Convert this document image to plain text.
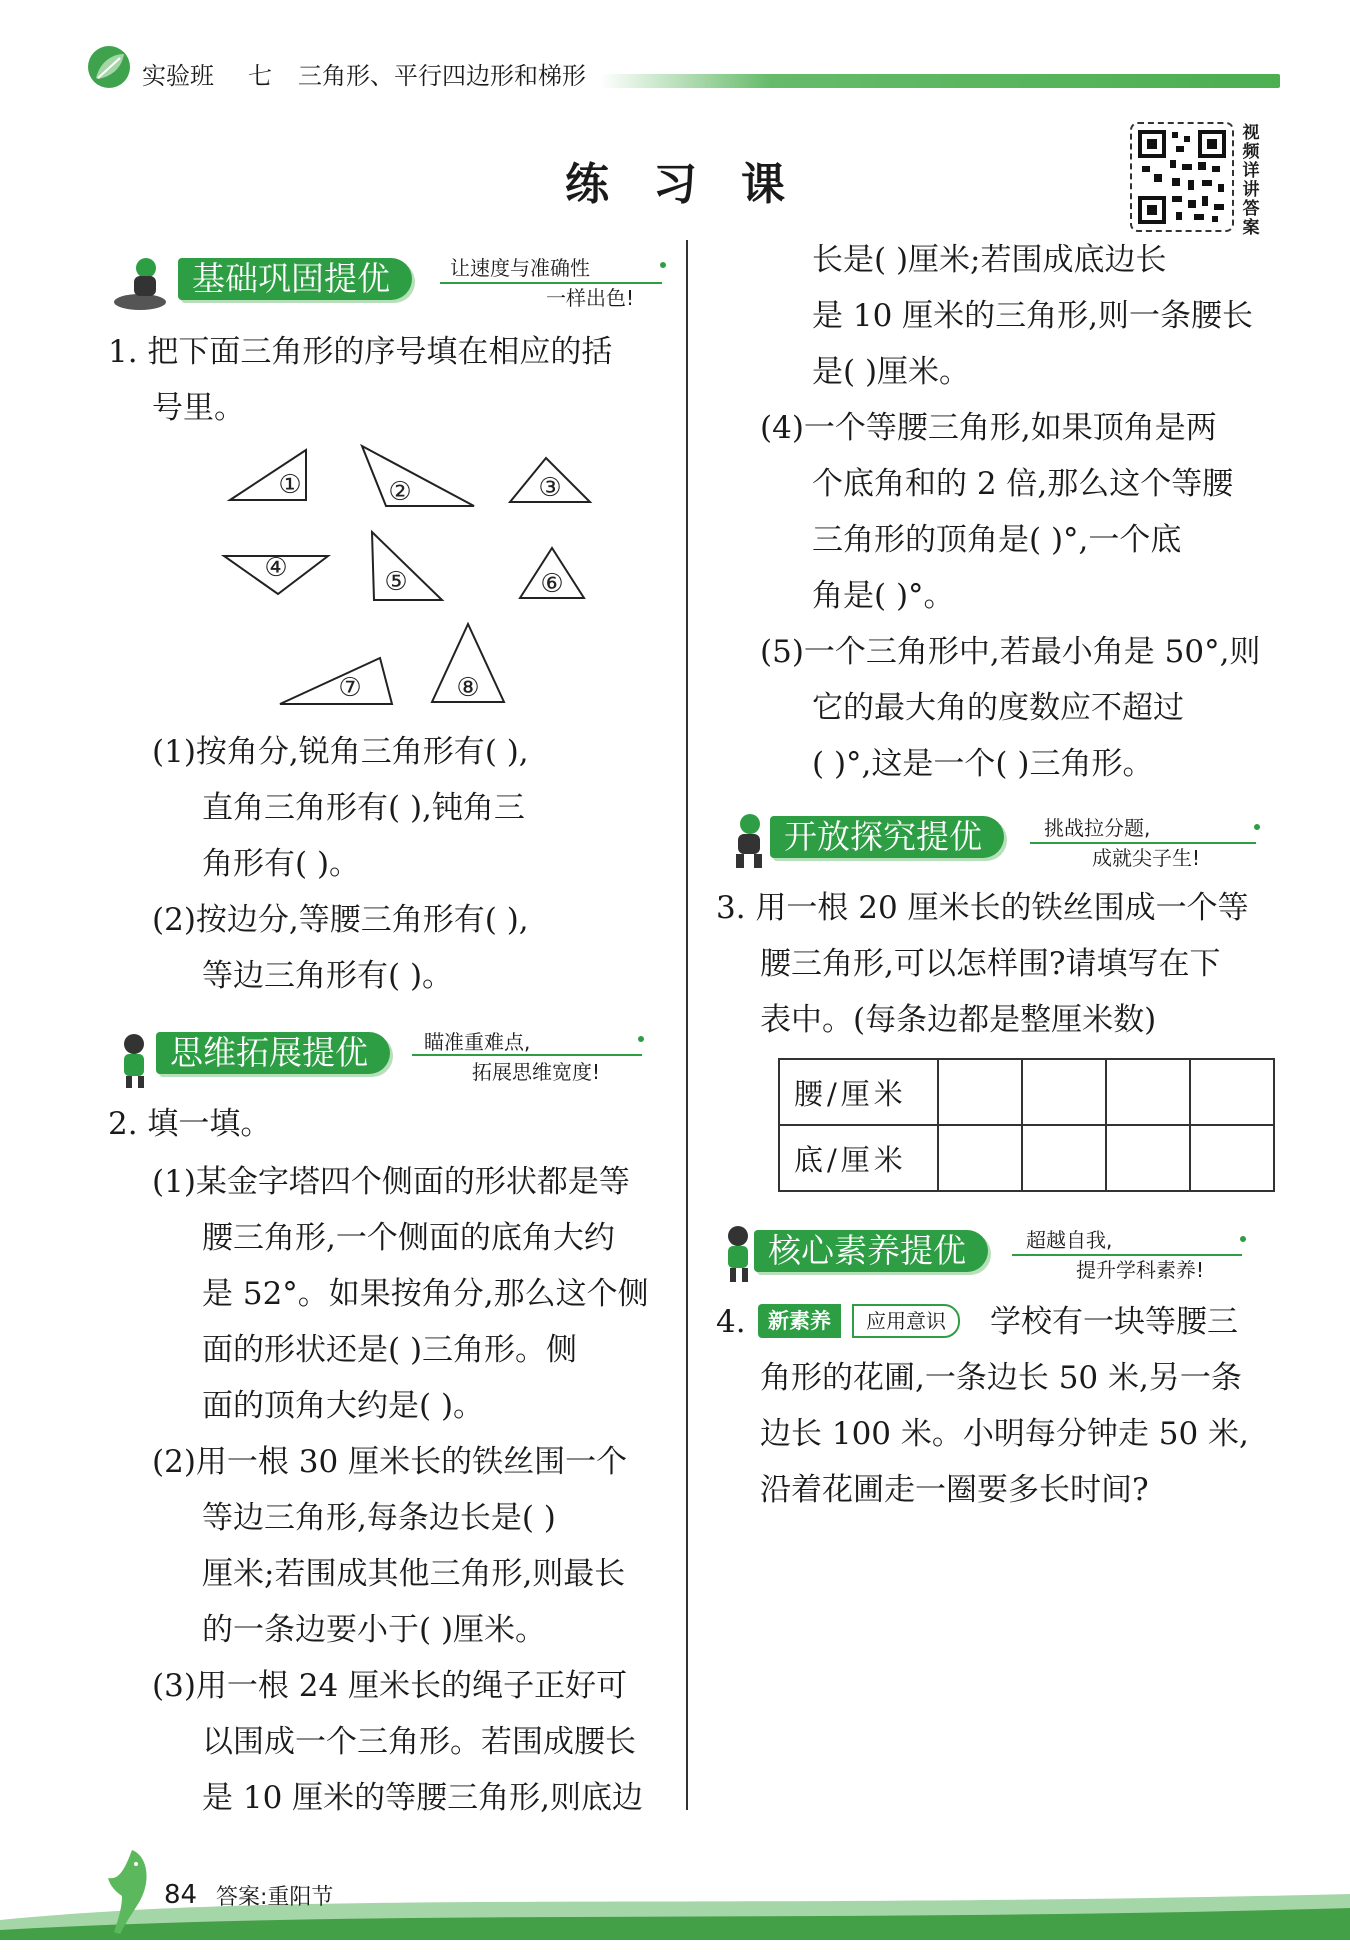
实验班 七 三角形、平行四边形和梯形
练习课
视
频
详
讲
答
案
基础巩固提优	让速度与准确性
一样出色!
1. 把下面三角形的序号填在相应的括
号里。
①	②	③
④	⑤	⑥
⑦	⑧
(1)按角分,锐角三角形有( ),
直角三角形有( ),钝角三
角形有( )。
(2)按边分,等腰三角形有( ),
等边三角形有( )。
思维拓展提优	瞄准重难点,
拓展思维宽度!
2. 填一填。
(1)某金字塔四个侧面的形状都是等
腰三角形,一个侧面的底角大约
是 52°。如果按角分,那么这个侧
面的形状还是( )三角形。侧
面的顶角大约是( )。
(2)用一根 30 厘米长的铁丝围一个
等边三角形,每条边长是( )
厘米;若围成其他三角形,则最长
的一条边要小于( )厘米。
(3)用一根 24 厘米长的绳子正好可
以围成一个三角形。若围成腰长
是 10 厘米的等腰三角形,则底边
长是( )厘米;若围成底边长
是 10 厘米的三角形,则一条腰长
是( )厘米。
(4)一个等腰三角形,如果顶角是两
个底角和的 2 倍,那么这个等腰
三角形的顶角是( )°,一个底
角是( )°。
(5)一个三角形中,若最小角是 50°,则
它的最大角的度数应不超过
( )°,这是一个( )三角形。
开放探究提优	挑战拉分题,
成就尖子生!
3. 用一根 20 厘米长的铁丝围成一个等
腰三角形,可以怎样围?请填写在下
表中。(每条边都是整厘米数)
腰/厘米				
底/厘米				
核心素养提优	超越自我,
提升学科素养!
4.	新素养	应用意识	学校有一块等腰三
角形的花圃,一条边长 50 米,另一条
边长 100 米。小明每分钟走 50 米,
沿着花圃走一圈要多长时间?
84 答案:重阳节
